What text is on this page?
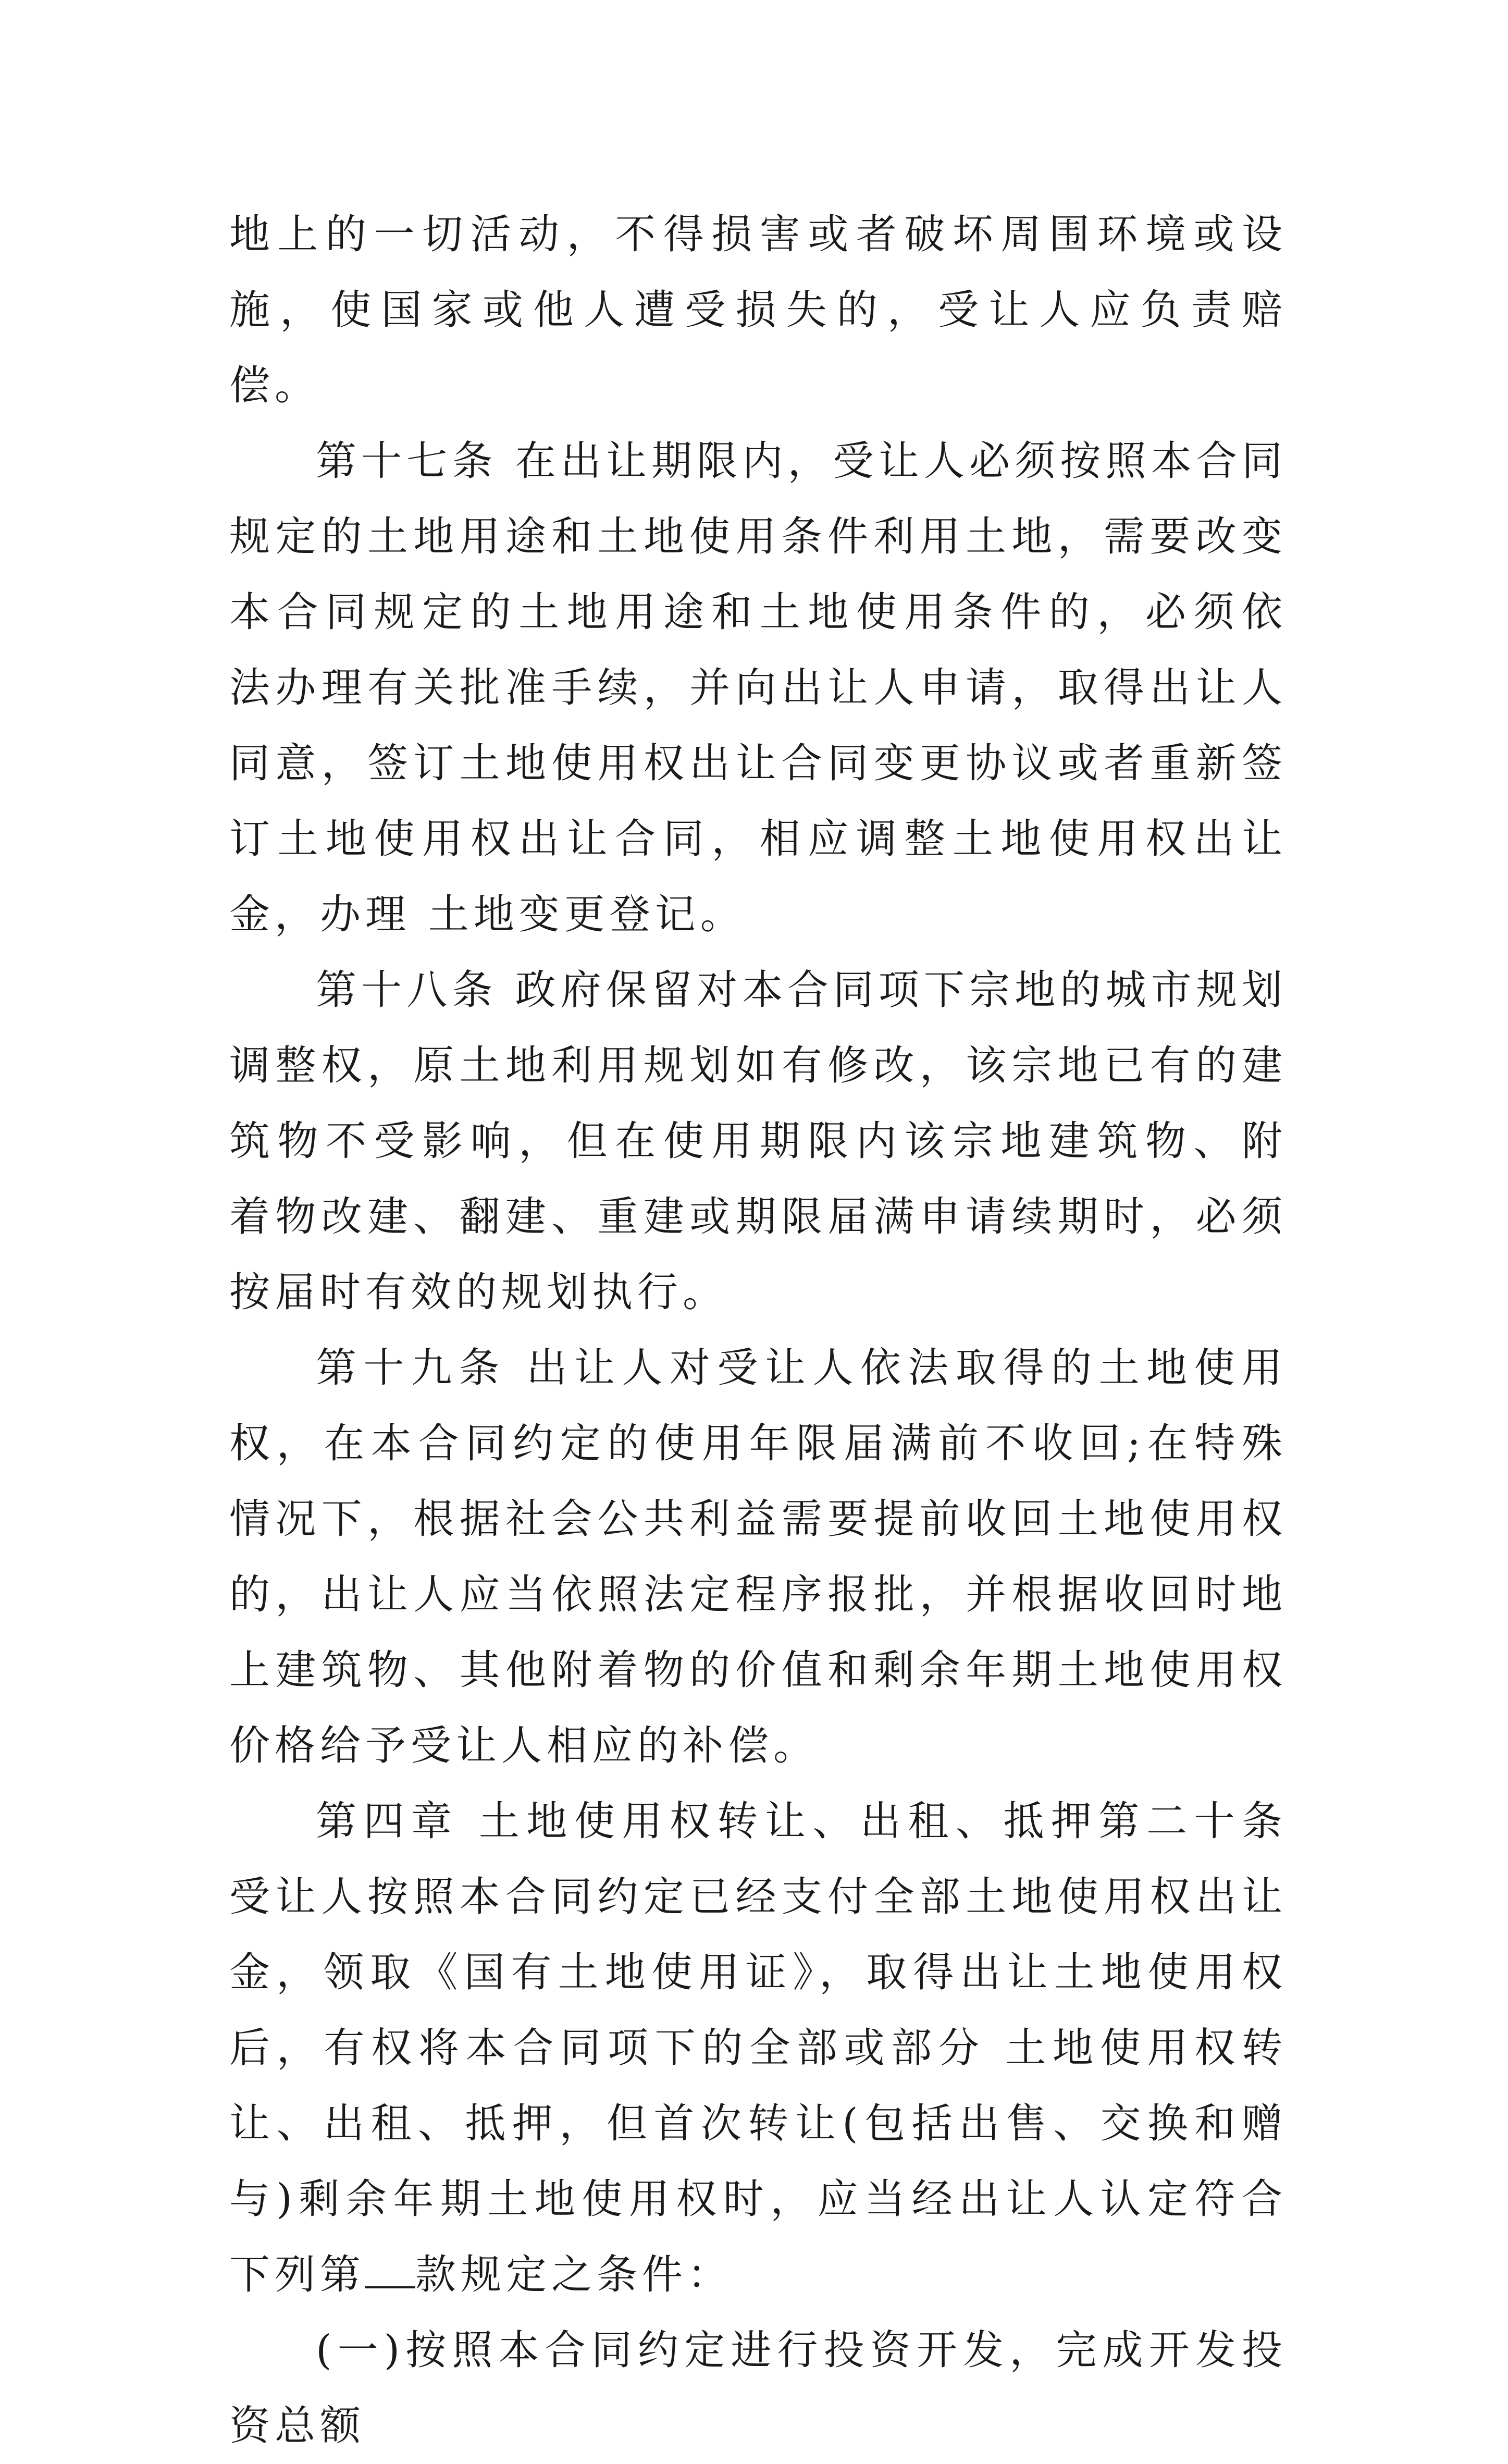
地上的一切活动，不得损害或者破坏周围环境或设施，使国家或他人遭受损失的，受让人应负责赔 偿。

第十七条 在出让期限内，受让人必须按照本合同规定的土地用途和土地使用条件利用土地，需要改变本合同规定的土地用途和土地使用条件的，必须依 法办理有关批准手续，并向出让人申请，取得出让人同意，签订土地使用权出让合同变更协议或者重新签订土地使用权出让合同，相应调整土地使用权出让金，办理 土地变更登记。

第十八条 政府保留对本合同项下宗地的城市规划调整权，原土地利用规划如有修改，该宗地已有的建筑物不受影响，但在使用期限内该宗地建筑物、附 着物改建、翻建、重建或期限届满申请续期时，必须按届时有效的规划执行。

第十九条 出让人对受让人依法取得的土地使用权，在本合同约定的使用年限届满前不收回;在特殊情况下，根据社会公共利益需要提前收回土地使用权 的，出让人应当依照法定程序报批，并根据收回时地上建筑物、其他附着物的价值和剩余年期土地使用权价格给予受让人相应的补偿。

第四章 土地使用权转让、出租、抵押第二十条 受让人按照本合同约定已经支付全部土地使用权出让金，领取《国有土地使用证》，取得出让土地使用权后，有权将本合同项下的全部或部分 土地使用权转让、出租、抵押，但首次转让(包括出售、交换和赠与)剩余年期土地使用权时，应当经出让人认定符合下列第 款规定之条件：

(一)按照本合同约定进行投资开发，完成开发投资总额
